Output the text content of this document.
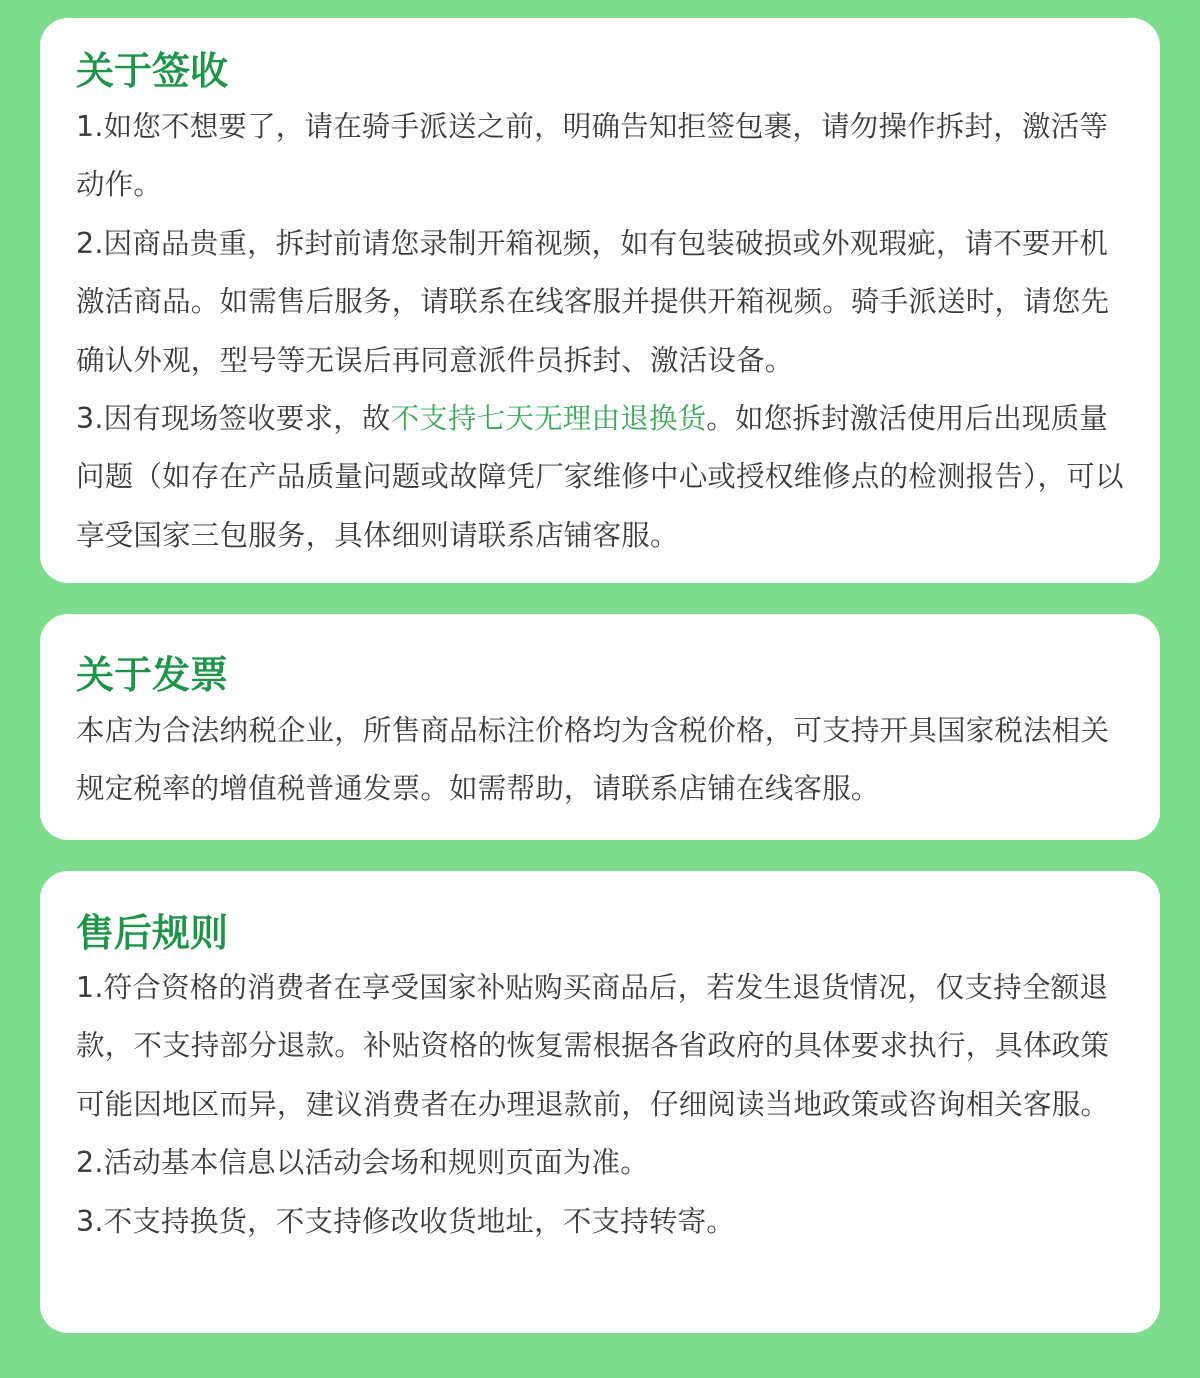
关于签收

1.如您不想要了，请在骑手派送之前，明确告知拒签包裹，请勿操作拆封，激活等动作。

2.因商品贵重，拆封前请您录制开箱视频，如有包装破损或外观瑕疵，请不要开机激活商品。如需售后服务，请联系在线客服并提供开箱视频。骑手派送时，请您先确认外观，型号等无误后再同意派件员拆封、激活设备。

3.因有现场签收要求，故不支持七天无理由退换货。如您拆封激活使用后出现质量问题（如存在产品质量问题或故障凭厂家维修中心或授权维修点的检测报告），可以享受国家三包服务，具体细则请联系店铺客服。

关于发票

本店为合法纳税企业，所售商品标注价格均为含税价格，可支持开具国家税法相关规定税率的增值税普通发票。如需帮助，请联系店铺在线客服。

售后规则

1.符合资格的消费者在享受国家补贴购买商品后，若发生退货情况，仅支持全额退款，不支持部分退款。补贴资格的恢复需根据各省政府的具体要求执行，具体政策可能因地区而异，建议消费者在办理退款前，仔细阅读当地政策或咨询相关客服。

2.活动基本信息以活动会场和规则页面为准。

3.不支持换货，不支持修改收货地址，不支持转寄。
